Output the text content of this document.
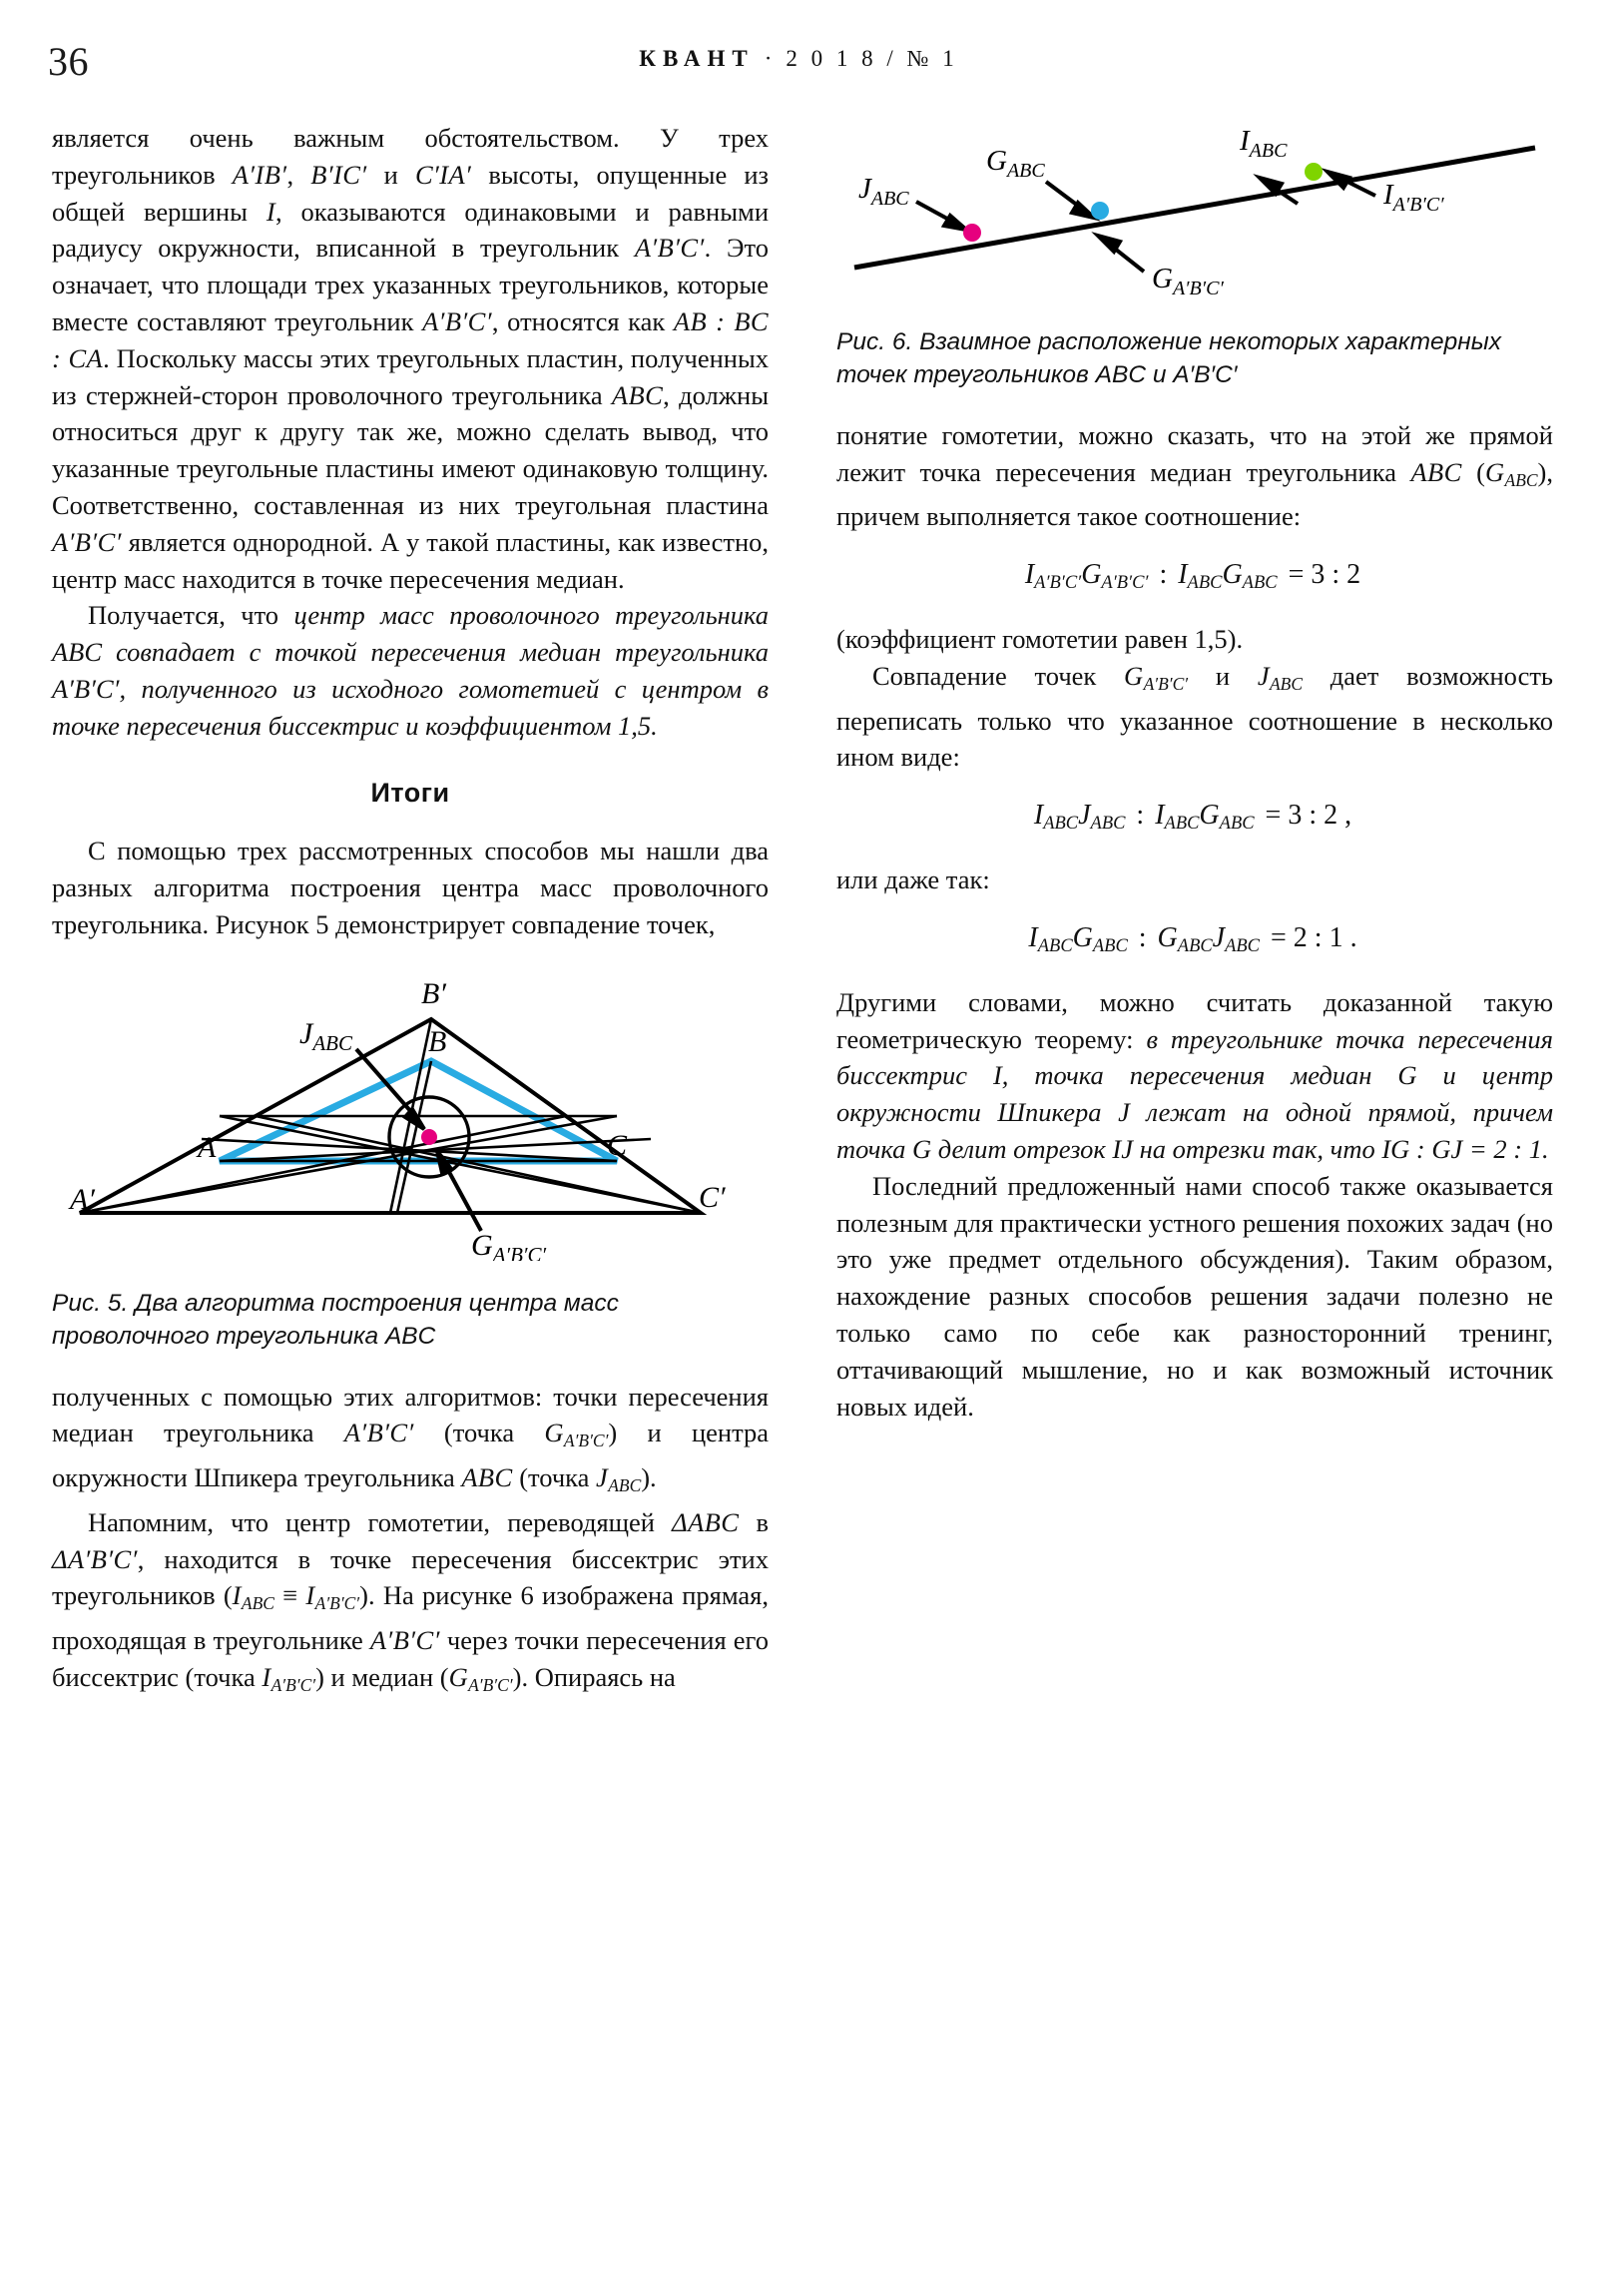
36	КВАНТ · 2 0 1 8 / № 1

является очень важным обстоятельством. У трех треугольников A′IB′, B′IC′ и C′IA′ высоты, опущенные из общей вершины I, оказываются одинаковыми и равными радиусу окружности, вписанной в треугольник A′B′C′. Это означает, что площади трех указанных треугольников, которые вместе составляют треугольник A′B′C′, относятся как AB : BC : CA. Поскольку массы этих треугольных пластин, полученных из стержней-сторон проволочного треугольника ABC, должны относиться друг к другу так же, можно сделать вывод, что указанные треугольные пластины имеют одинаковую толщину. Соответственно, составленная из них треугольная пластина A′B′C′ является однородной. А у такой пластины, как известно, центр масс находится в точке пересечения медиан.

Получается, что центр масс проволочного треугольника ABC совпадает с точкой пересечения медиан треугольника A′B′C′, полученного из исходного гомотетией с центром в точке пересечения биссектрис и коэффициентом 1,5.

Итоги

С помощью трех рассмотренных способов мы нашли два разных алгоритма построения центра масс проволочного треугольника. Рисунок 5 демонстрирует совпадение точек,

A′
A
B′
B
C
C′
$J_{ABC}$
$G_{A'B'C'}$

Рис. 5. Два алгоритма построения центра масс проволочного треугольника ABC

полученных с помощью этих алгоритмов: точки пересечения медиан треугольника A′B′C′ (точка $G_{A'B'C'}$) и центра окружности Шпикера треугольника ABC (точка $J_{ABC}$).

Напомним, что центр гомотетии, переводящей ΔABC в ΔA′B′C′, находится в точке пересечения биссектрис этих треугольников $(I_{ABC} \equiv I_{A'B'C'})$. На рисунке 6 изображена прямая, проходящая в треугольнике A′B′C′ через точки пересечения его биссектрис (точка $I_{A'B'C'}$) и медиан $(G_{A'B'C'})$. Опираясь на

$J_{ABC}$
$G_{ABC}$
$I_{ABC}$
$I_{A'B'C'}$
$G_{A'B'C'}$

Рис. 6. Взаимное расположение некоторых характерных точек треугольников ABC и A′B′C′

понятие гомотетии, можно сказать, что на этой же прямой лежит точка пересечения медиан треугольника ABC $(G_{ABC})$, причем выполняется такое соотношение:

$I_{A'B'C'}G_{A'B'C'}$ : $I_{ABC}G_{ABC} = 3$ : 2

(коэффициент гомотетии равен 1,5).

Совпадение точек $G_{A'B'C'}$ и $J_{ABC}$ дает возможность переписать только что указанное соотношение в несколько ином виде:

$I_{ABC}J_{ABC}$ : $I_{ABC}G_{ABC} = 3$ : 2 ,

или даже так:

$I_{ABC}G_{ABC}$ : $G_{ABC}J_{ABC} = 2$ : 1 .

Другими словами, можно считать доказанной такую геометрическую теорему: в треугольнике точка пересечения биссектрис I, точка пересечения медиан G и центр окружности Шпикера J лежат на одной прямой, причем точка G делит отрезок IJ на отрезки так, что IG : GJ = 2 : 1.

Последний предложенный нами способ также оказывается полезным для практически устного решения похожих задач (но это уже предмет отдельного обсуждения). Таким образом, нахождение разных способов решения задачи полезно не только само по себе как разносторонний тренинг, оттачивающий мышление, но и как возможный источник новых идей.
